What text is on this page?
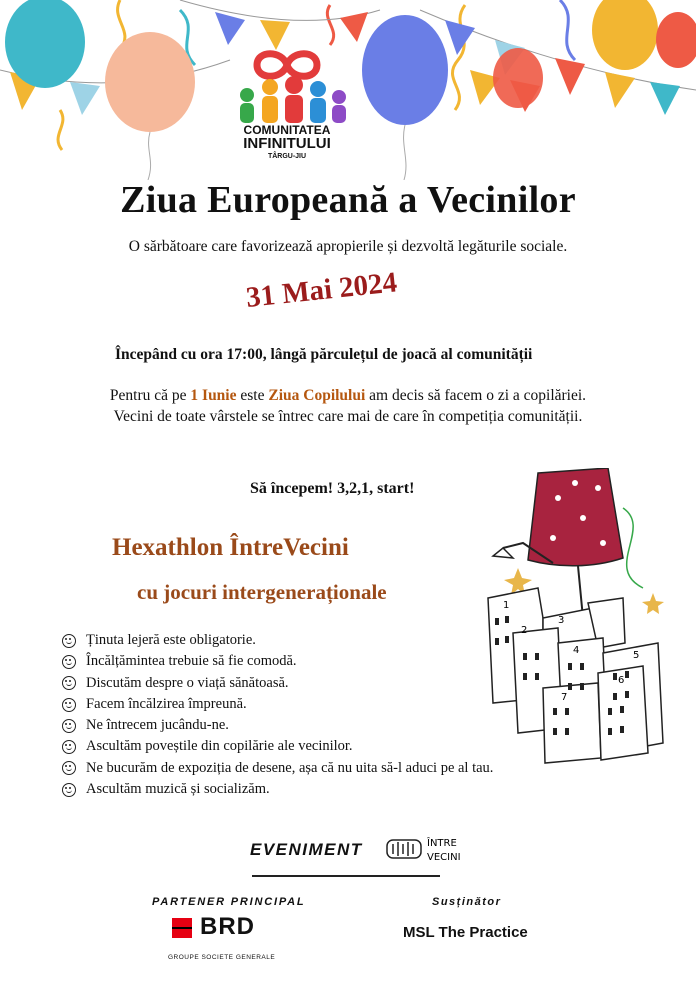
COMUNITATEA
INFINITULUI
TÂRGU-JIU
Ziua Europeană a Vecinilor
O sărbătoare care favorizează apropierile și dezvoltă legăturile sociale.
31 Mai 2024
Începând cu ora 17:00, lângă părculețul de joacă al comunității
Pentru că pe 1 Iunie este Ziua Copilului am decis să facem o zi a copilăriei.
Vecini de toate vârstele se întrec care mai de care în competiția comunității.
Să începem! 3,2,1, start!
Hexathlon ÎntreVecini
cu jocuri intergeneraționale
Ținuta lejeră este obligatorie.
Încălțămintea trebuie să fie comodă.
Discutăm despre o viață sănătoasă.
Facem încălzirea împreună.
Ne întrecem jucându-ne.
Ascultăm poveștile din copilărie ale vecinilor.
Ne bucurăm de expoziția de desene, așa că nu uita să-l aduci pe al tau.
Ascultăm muzică și socializăm.
1
2
3
4	5
6
7
EVENIMENT	ÎNTRE
VECINI
PARTENER PRINCIPAL	Susținător
BRD
GROUPE SOCIETE GENERALE
MSL The Practice
